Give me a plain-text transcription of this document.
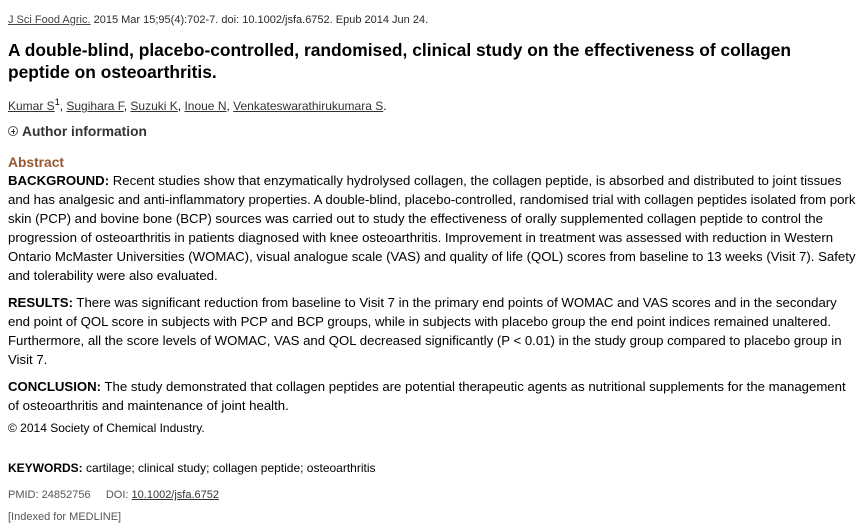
J Sci Food Agric. 2015 Mar 15;95(4):702-7. doi: 10.1002/jsfa.6752. Epub 2014 Jun 24.
A double-blind, placebo-controlled, randomised, clinical study on the effectiveness of collagen peptide on osteoarthritis.
Kumar $S^1$, Sugihara F, Suzuki K, Inoue N, Venkateswarathirukumara S.
Author information
Abstract
BACKGROUND: Recent studies show that enzymatically hydrolysed collagen, the collagen peptide, is absorbed and distributed to joint tissues and has analgesic and anti-inflammatory properties. A double-blind, placebo-controlled, randomised trial with collagen peptides isolated from pork skin (PCP) and bovine bone (BCP) sources was carried out to study the effectiveness of orally supplemented collagen peptide to control the progression of osteoarthritis in patients diagnosed with knee osteoarthritis. Improvement in treatment was assessed with reduction in Western Ontario McMaster Universities (WOMAC), visual analogue scale (VAS) and quality of life (QOL) scores from baseline to 13 weeks (Visit 7). Safety and tolerability were also evaluated.
RESULTS: There was significant reduction from baseline to Visit 7 in the primary end points of WOMAC and VAS scores and in the secondary end point of QOL score in subjects with PCP and BCP groups, while in subjects with placebo group the end point indices remained unaltered. Furthermore, all the score levels of WOMAC, VAS and QOL decreased significantly (P < 0.01) in the study group compared to placebo group in Visit 7.
CONCLUSION: The study demonstrated that collagen peptides are potential therapeutic agents as nutritional supplements for the management of osteoarthritis and maintenance of joint health.
© 2014 Society of Chemical Industry.
KEYWORDS: cartilage; clinical study; collagen peptide; osteoarthritis
PMID: 24852756 DOI: 10.1002/jsfa.6752
[Indexed for MEDLINE]
